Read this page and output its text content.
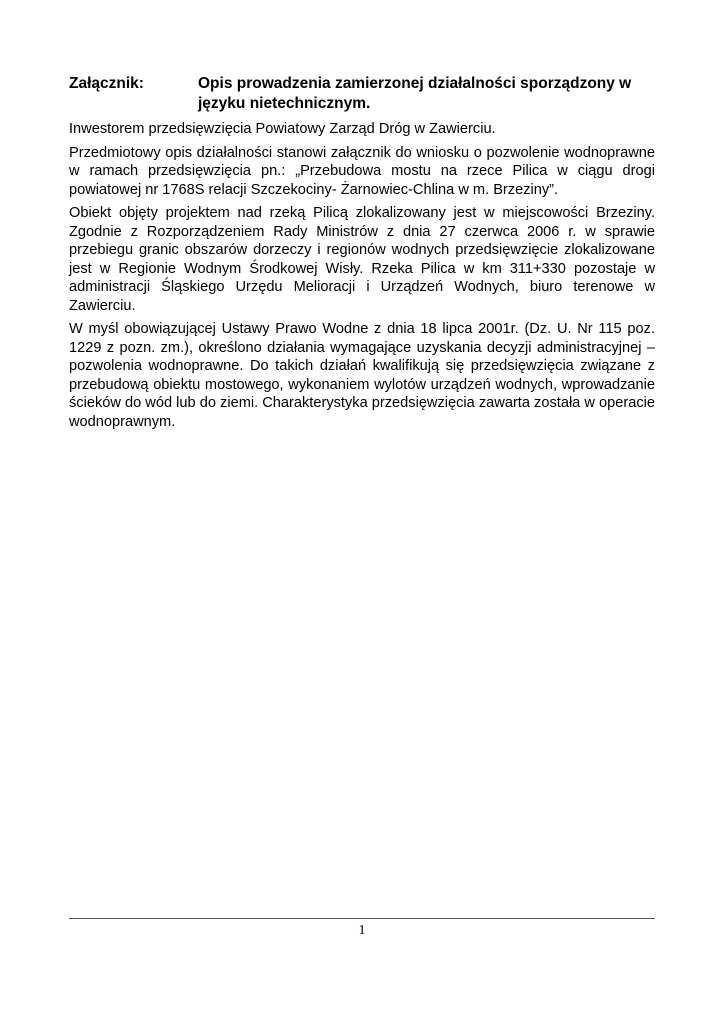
Załącznik:	Opis prowadzenia zamierzonej działalności sporządzony w języku nietechnicznym.

Inwestorem przedsięwzięcia Powiatowy Zarząd Dróg w Zawierciu.

Przedmiotowy opis działalności stanowi załącznik do wniosku o pozwolenie wodnoprawne w ramach przedsięwzięcia pn.: „Przebudowa mostu na rzece Pilica w ciągu drogi powiatowej nr 1768S relacji Szczekociny- Żarnowiec-Chlina w m. Brzeziny”.

Obiekt objęty projektem nad rzeką Pilicą zlokalizowany jest w miejscowości Brzeziny. Zgodnie z Rozporządzeniem Rady Ministrów z dnia 27 czerwca 2006 r. w sprawie przebiegu granic obszarów dorzeczy i regionów wodnych przedsięwzięcie zlokalizowane jest w Regionie Wodnym Środkowej Wisły. Rzeka Pilica w km 311+330 pozostaje w administracji Śląskiego Urzędu Melioracji i Urządzeń Wodnych, biuro terenowe w Zawierciu.

W myśl obowiązującej Ustawy Prawo Wodne z dnia 18 lipca 2001r. (Dz. U. Nr 115 poz. 1229 z pozn. zm.), określono działania wymagające uzyskania decyzji administracyjnej – pozwolenia wodnoprawne. Do takich działań kwalifikują się przedsięwzięcia związane z przebudową obiektu mostowego, wykonaniem wylotów urządzeń wodnych, wprowadzanie ścieków do wód lub do ziemi. Charakterystyka przedsięwzięcia zawarta została w operacie wodnoprawnym.

1
